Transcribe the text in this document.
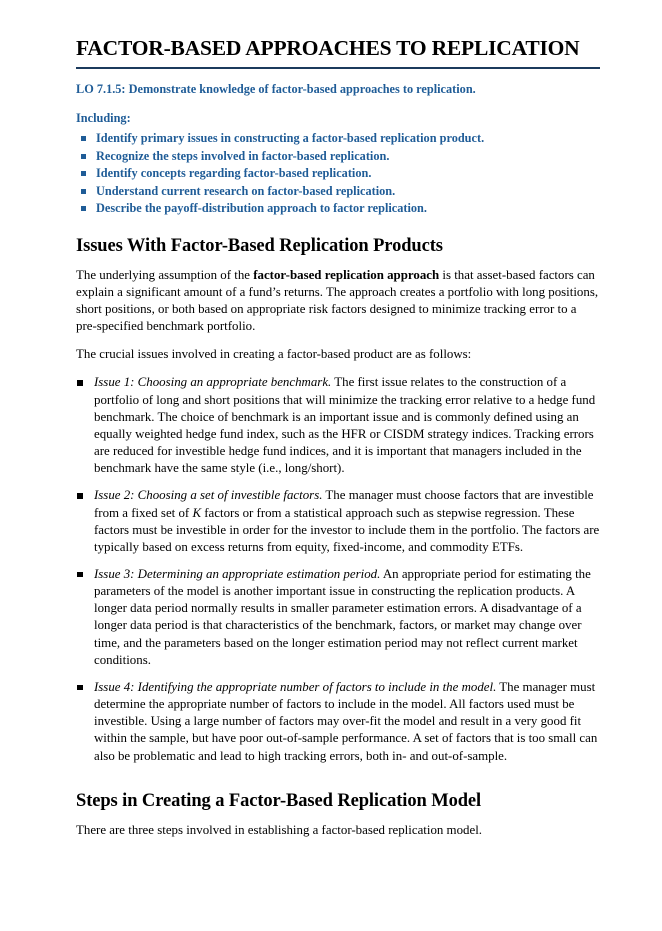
FACTOR-BASED APPROACHES TO REPLICATION
LO 7.1.5: Demonstrate knowledge of factor-based approaches to replication.
Including:
Identify primary issues in constructing a factor-based replication product.
Recognize the steps involved in factor-based replication.
Identify concepts regarding factor-based replication.
Understand current research on factor-based replication.
Describe the payoff-distribution approach to factor replication.
Issues With Factor-Based Replication Products

The underlying assumption of the factor-based replication approach is that asset-based factors can explain a significant amount of a fund’s returns. The approach creates a portfolio with long positions, short positions, or both based on appropriate risk factors designed to minimize tracking error to a pre-specified benchmark portfolio.

The crucial issues involved in creating a factor-based product are as follows:

Issue 1: Choosing an appropriate benchmark. The first issue relates to the construction of a portfolio of long and short positions that will minimize the tracking error relative to a hedge fund benchmark. The choice of benchmark is an important issue and is commonly defined using an equally weighted hedge fund index, such as the HFR or CISDM strategy indices. Tracking errors are reduced for investible hedge fund indices, and it is important that managers included in the benchmark have the same style (i.e., long/short).
Issue 2: Choosing a set of investible factors. The manager must choose factors that are investible from a fixed set of K factors or from a statistical approach such as stepwise regression. These factors must be investible in order for the investor to include them in the portfolio. The factors are typically based on excess returns from equity, fixed-income, and commodity ETFs.
Issue 3: Determining an appropriate estimation period. An appropriate period for estimating the parameters of the model is another important issue in constructing the replication products. A longer data period normally results in smaller parameter estimation errors. A disadvantage of a longer data period is that characteristics of the benchmark, factors, or market may change over time, and the parameters based on the longer estimation period may not reflect current market conditions.
Issue 4: Identifying the appropriate number of factors to include in the model. The manager must determine the appropriate number of factors to include in the model. All factors used must be investible. Using a large number of factors may over-fit the model and result in a very good fit within the sample, but have poor out-of-sample performance. A set of factors that is too small can also be problematic and lead to high tracking errors, both in- and out-of-sample.
Steps in Creating a Factor-Based Replication Model

There are three steps involved in establishing a factor-based replication model.
